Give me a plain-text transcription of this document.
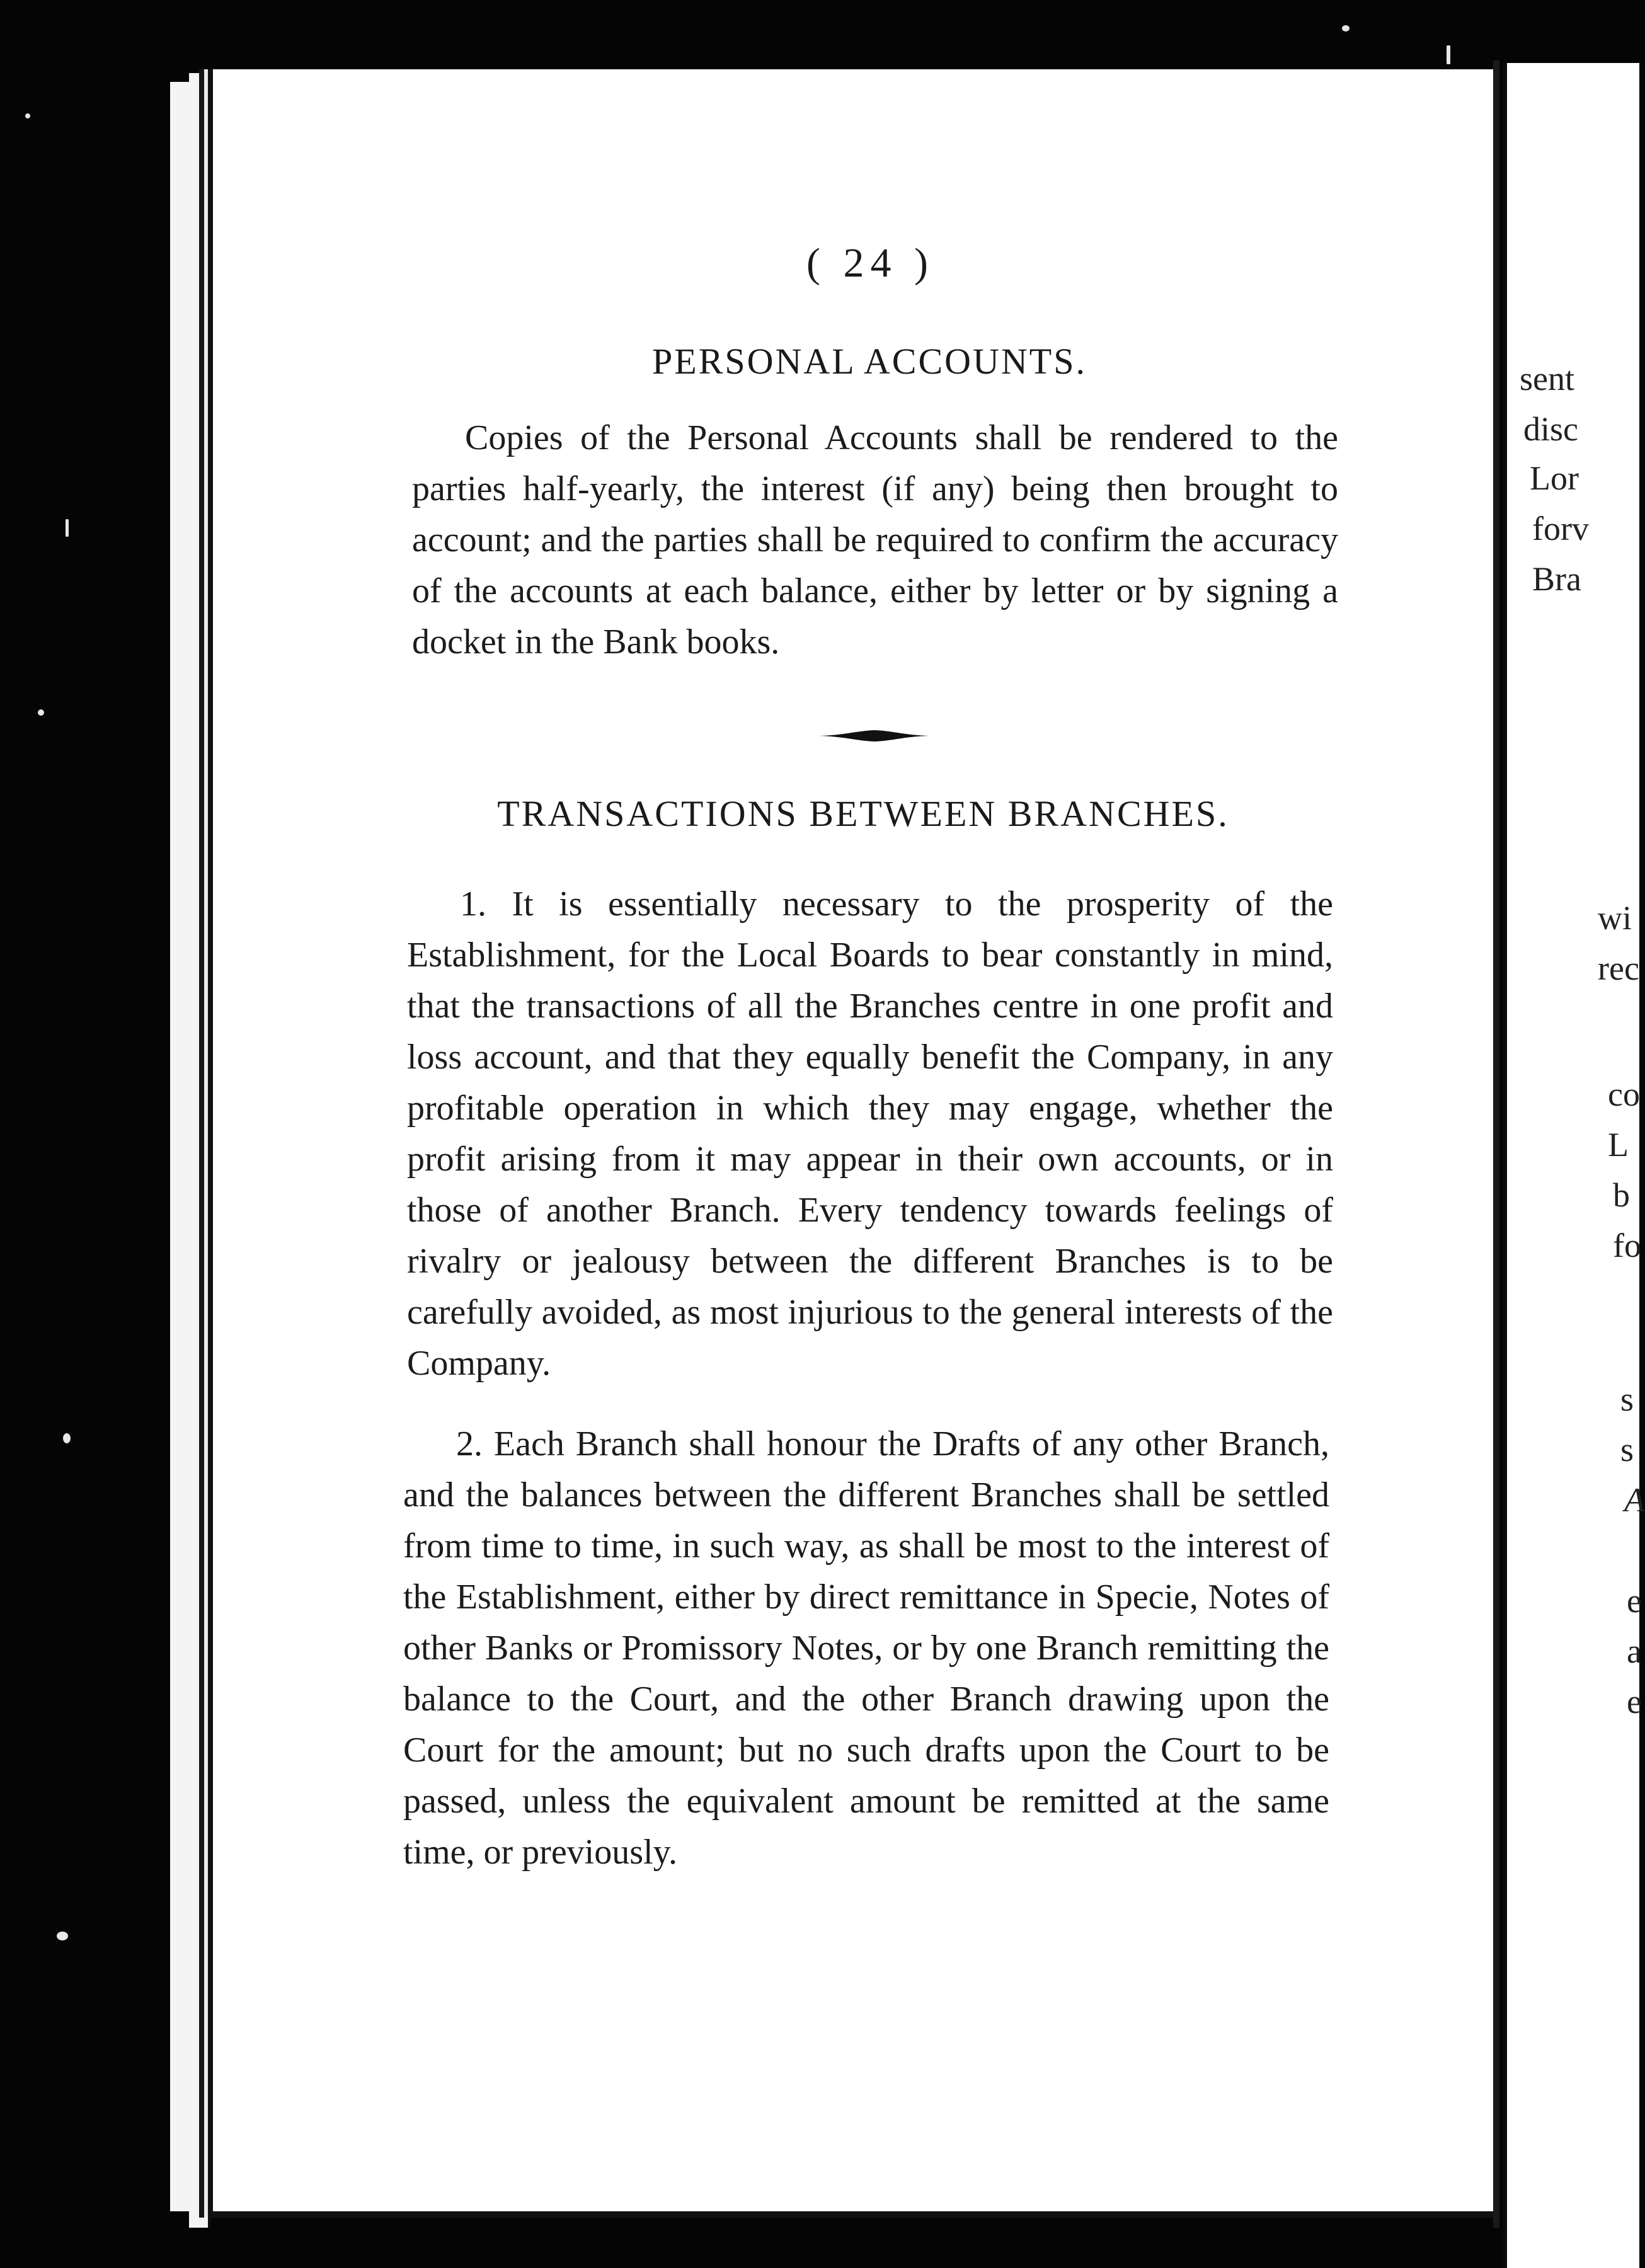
sent
disc
Lor
forv
Bra
wi
rec
co
L
b
fo
s
s
A
e
a
e
( 24 )
PERSONAL ACCOUNTS.
Copies of the Personal Accounts shall be rendered to the parties half-yearly, the interest (if any) being then brought to account; and the parties shall be required to confirm the accuracy of the accounts at each balance, either by letter or by signing a docket in the Bank books.
TRANSACTIONS BETWEEN BRANCHES.
1. It is essentially necessary to the prosperity of the Establishment, for the Local Boards to bear constantly in mind, that the transactions of all the Branches centre in one profit and loss account, and that they equally benefit the Company, in any profitable operation in which they may engage, whether the profit arising from it may appear in their own accounts, or in those of another Branch. Every tendency towards feelings of rivalry or jealousy between the different Branches is to be carefully avoided, as most injurious to the general interests of the Company.
2. Each Branch shall honour the Drafts of any other Branch, and the balances between the different Branches shall be settled from time to time, in such way, as shall be most to the interest of the Establishment, either by direct remittance in Specie, Notes of other Banks or Promissory Notes, or by one Branch remitting the balance to the Court, and the other Branch drawing upon the Court for the amount; but no such drafts upon the Court to be passed, unless the equivalent amount be remitted at the same time, or previously.
